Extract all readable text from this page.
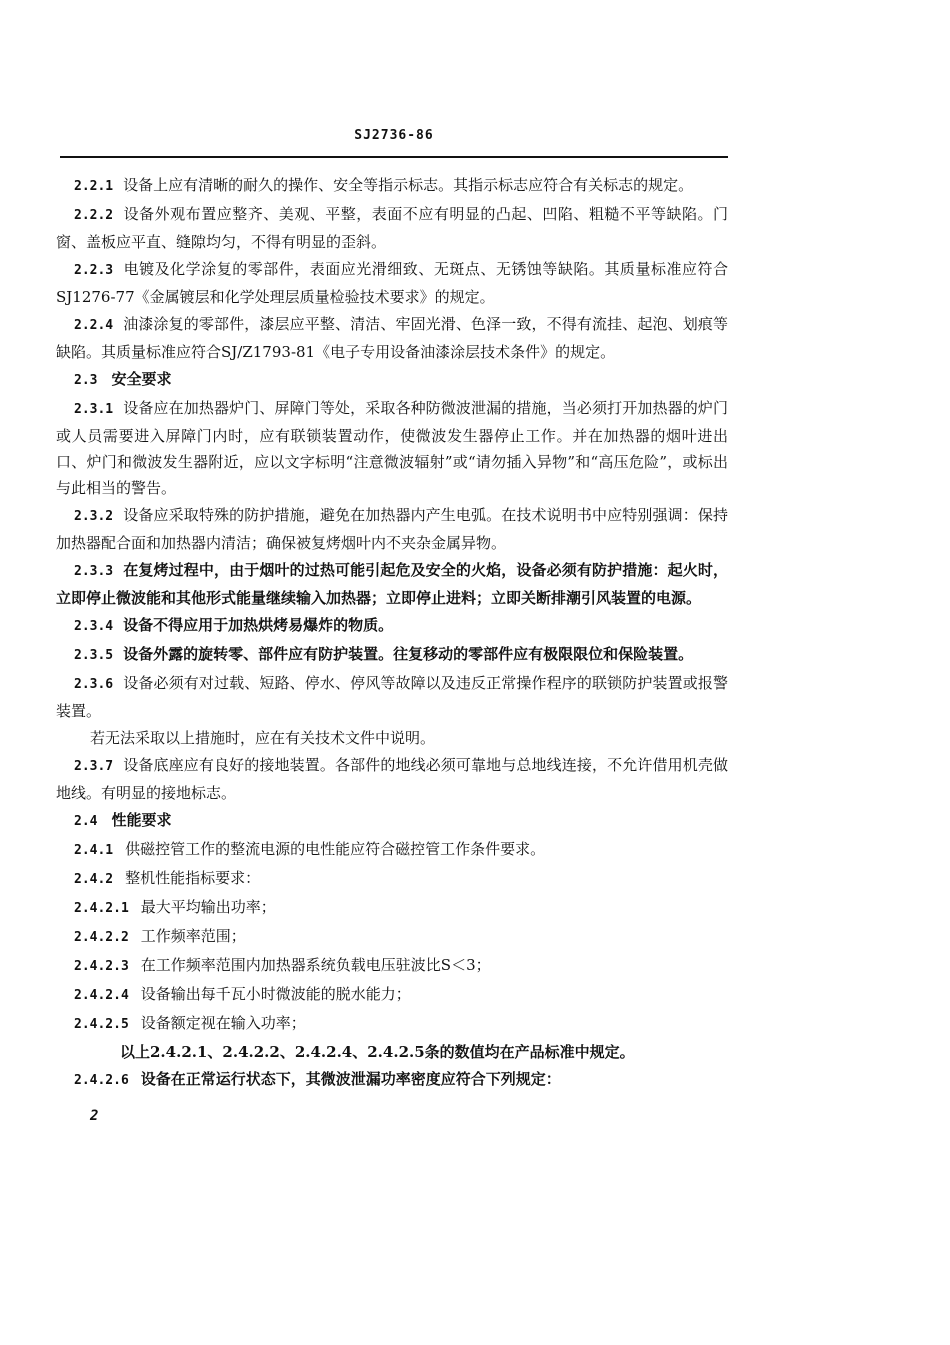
SJ2736-86

2.2.1 设备上应有清晰的耐久的操作、安全等指示标志。其指示标志应符合有关标志的规定。

2.2.2 设备外观布置应整齐、美观、平整，表面不应有明显的凸起、凹陷、粗糙不平等缺陷。门窗、盖板应平直、缝隙均匀，不得有明显的歪斜。

2.2.3 电镀及化学涂复的零部件，表面应光滑细致、无斑点、无锈蚀等缺陷。其质量标准应符合SJ1276-77《金属镀层和化学处理层质量检验技术要求》的规定。

2.2.4 油漆涂复的零部件，漆层应平整、清洁、牢固光滑、色泽一致，不得有流挂、起泡、划痕等缺陷。其质量标准应符合SJ/Z1793-81《电子专用设备油漆涂层技术条件》的规定。

2.3 安全要求

2.3.1 设备应在加热器炉门、屏障门等处，采取各种防微波泄漏的措施，当必须打开加热器的炉门或人员需要进入屏障门内时，应有联锁装置动作，使微波发生器停止工作。并在加热器的烟叶进出口、炉门和微波发生器附近，应以文字标明“注意微波辐射”或“请勿插入异物”和“高压危险”，或标出与此相当的警告。

2.3.2 设备应采取特殊的防护措施，避免在加热器内产生电弧。在技术说明书中应特别强调：保持加热器配合面和加热器内清洁；确保被复烤烟叶内不夹杂金属异物。

2.3.3 在复烤过程中，由于烟叶的过热可能引起危及安全的火焰，设备必须有防护措施：起火时，立即停止微波能和其他形式能量继续输入加热器；立即停止进料；立即关断排潮引风装置的电源。

2.3.4 设备不得应用于加热烘烤易爆炸的物质。

2.3.5 设备外露的旋转零、部件应有防护装置。往复移动的零部件应有极限限位和保险装置。

2.3.6 设备必须有对过载、短路、停水、停风等故障以及违反正常操作程序的联锁防护装置或报警装置。

若无法采取以上措施时，应在有关技术文件中说明。

2.3.7 设备底座应有良好的接地装置。各部件的地线必须可靠地与总地线连接，不允许借用机壳做地线。有明显的接地标志。

2.4 性能要求

2.4.1 供磁控管工作的整流电源的电性能应符合磁控管工作条件要求。

2.4.2 整机性能指标要求：

2.4.2.1 最大平均输出功率；

2.4.2.2 工作频率范围；

2.4.2.3 在工作频率范围内加热器系统负载电压驻波比S＜3；

2.4.2.4 设备输出每千瓦小时微波能的脱水能力；

2.4.2.5 设备额定视在输入功率；

以上2.4.2.1、2.4.2.2、2.4.2.4、2.4.2.5条的数值均在产品标准中规定。

2.4.2.6 设备在正常运行状态下，其微波泄漏功率密度应符合下列规定：

2
